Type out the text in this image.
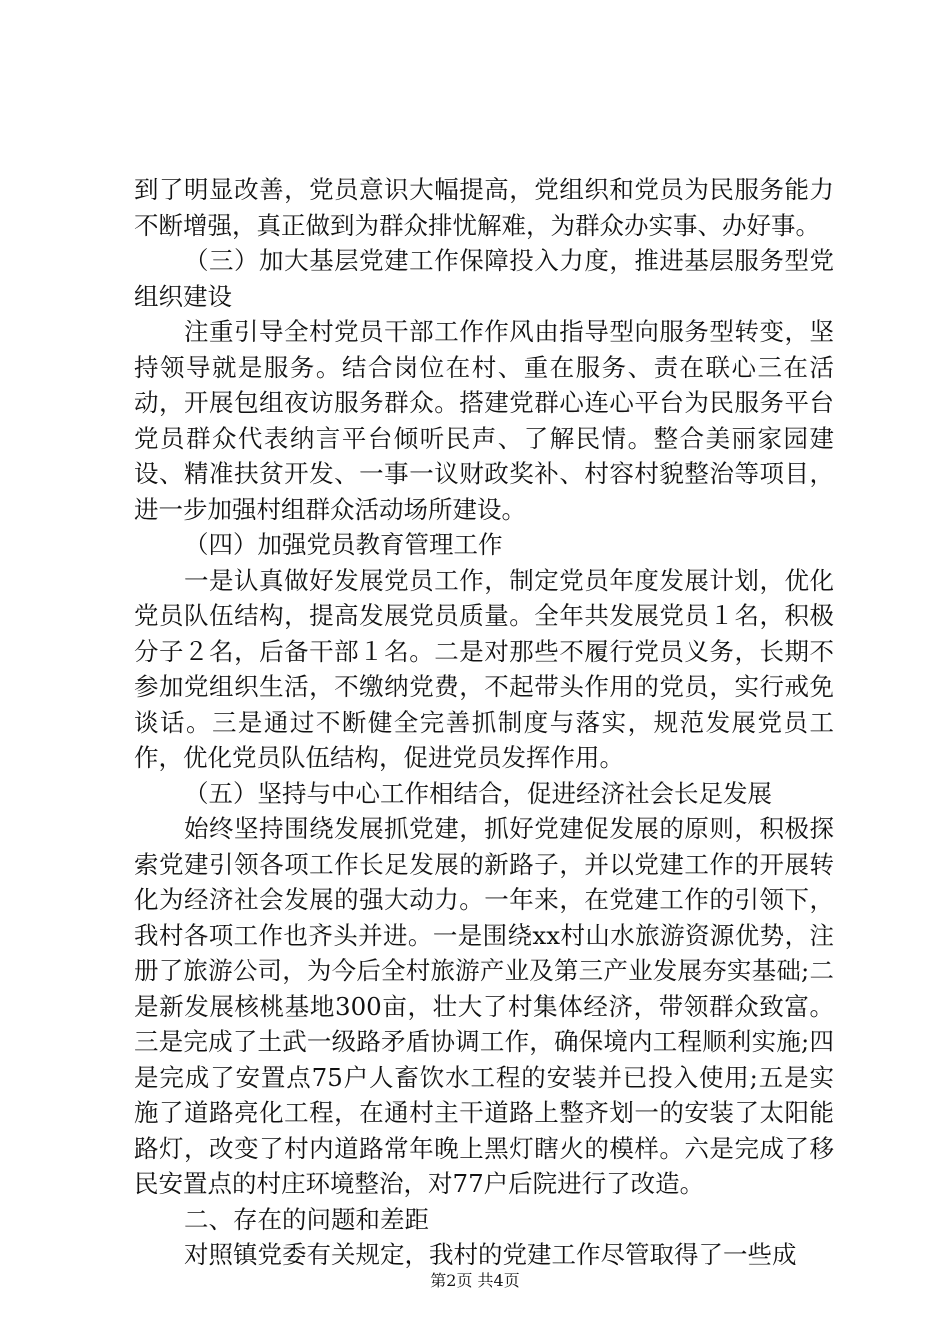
到了明显改善，党员意识大幅提高，党组织和党员为民服务能力不断增强，真正做到为群众排忧解难，为群众办实事、办好事。

（三）加大基层党建工作保障投入力度，推进基层服务型党组织建设

注重引导全村党员干部工作作风由指导型向服务型转变，坚持领导就是服务。结合岗位在村、重在服务、责在联心三在活动，开展包组夜访服务群众。搭建党群心连心平台为民服务平台党员群众代表纳言平台倾听民声、了解民情。整合美丽家园建设、精准扶贫开发、一事一议财政奖补、村容村貌整治等项目，进一步加强村组群众活动场所建设。

（四）加强党员教育管理工作

一是认真做好发展党员工作，制定党员年度发展计划，优化党员队伍结构，提高发展党员质量。全年共发展党员１名，积极分子２名，后备干部１名。二是对那些不履行党员义务，长期不参加党组织生活，不缴纳党费，不起带头作用的党员，实行戒免谈话。三是通过不断健全完善抓制度与落实，规范发展党员工作，优化党员队伍结构，促进党员发挥作用。

（五）坚持与中心工作相结合，促进经济社会长足发展

始终坚持围绕发展抓党建，抓好党建促发展的原则，积极探索党建引领各项工作长足发展的新路子，并以党建工作的开展转化为经济社会发展的强大动力。一年来，在党建工作的引领下，我村各项工作也齐头并进。一是围绕xx村山水旅游资源优势，注册了旅游公司，为今后全村旅游产业及第三产业发展夯实基础;二是新发展核桃基地300亩，壮大了村集体经济，带领群众致富。三是完成了土武一级路矛盾协调工作，确保境内工程顺利实施;四是完成了安置点75户人畜饮水工程的安装并已投入使用;五是实施了道路亮化工程，在通村主干道路上整齐划一的安装了太阳能路灯，改变了村内道路常年晚上黑灯瞎火的模样。六是完成了移民安置点的村庄环境整治，对77户后院进行了改造。

二、存在的问题和差距

对照镇党委有关规定，我村的党建工作尽管取得了一些成

第2页 共4页
